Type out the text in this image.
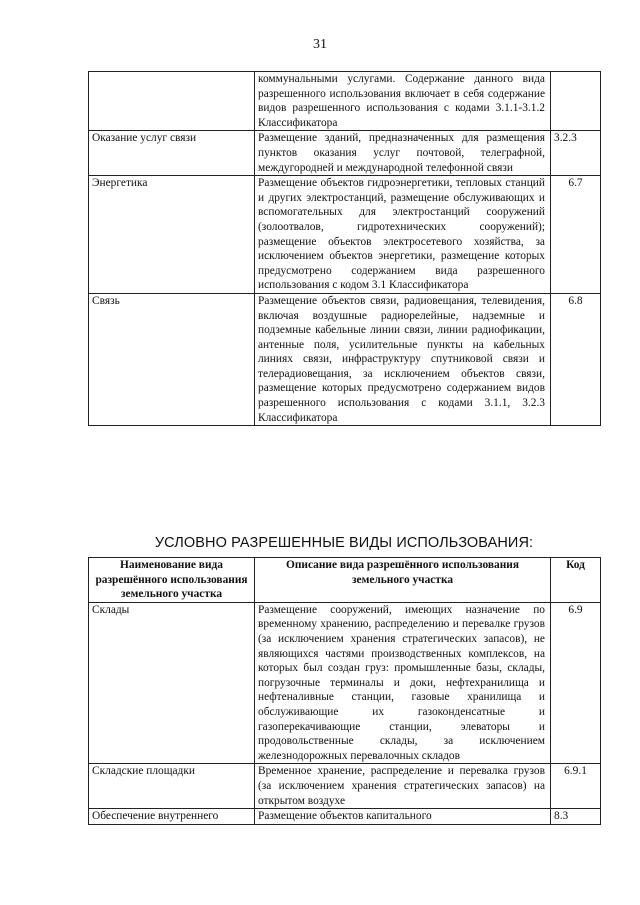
31
	коммунальными услугами. Содержание данного вида разрешенного использования включает в себя содержание видов разрешенного использования с кодами 3.1.1-3.1.2 Классификатора	
Оказание услуг связи	Размещение зданий, предназначенных для размещения пунктов оказания услуг почтовой, телеграфной, междугородней и международной телефонной связи	3.2.3
Энергетика	Размещение объектов гидроэнергетики, тепловых станций и других электростанций, размещение обслуживающих и вспомогательных для электростанций сооружений (золоотвалов, гидротехнических сооружений); размещение объектов электросетевого хозяйства, за исключением объектов энергетики, размещение которых предусмотрено содержанием вида разрешенного использования с кодом 3.1 Классификатора	6.7
Связь	Размещение объектов связи, радиовещания, телевидения, включая воздушные радиорелейные, надземные и подземные кабельные линии связи, линии радиофикации, антенные поля, усилительные пункты на кабельных линиях связи, инфраструктуру спутниковой связи и телерадиовещания, за исключением объектов связи, размещение которых предусмотрено содержанием видов разрешенного использования с кодами 3.1.1, 3.2.3 Классификатора	6.8
УСЛОВНО РАЗРЕШЕННЫЕ ВИДЫ ИСПОЛЬЗОВАНИЯ:
Наименование вида разрешённого использования земельного участка	Описание вида разрешённого использования земельного участка	Код
Склады	Размещение сооружений, имеющих назначение по временному хранению, распределению и перевалке грузов (за исключением хранения стратегических запасов), не являющихся частями производственных комплексов, на которых был создан груз: промышленные базы, склады, погрузочные терминалы и доки, нефтехранилища и нефтеналивные станции, газовые хранилища и обслуживающие их газоконденсатные и газоперекачивающие станции, элеваторы и продовольственные склады, за исключением железнодорожных перевалочных складов	6.9
Складские площадки	Временное хранение, распределение и перевалка грузов (за исключением хранения стратегических запасов) на открытом воздухе	6.9.1
Обеспечение внутреннего	Размещение объектов капитального	8.3
